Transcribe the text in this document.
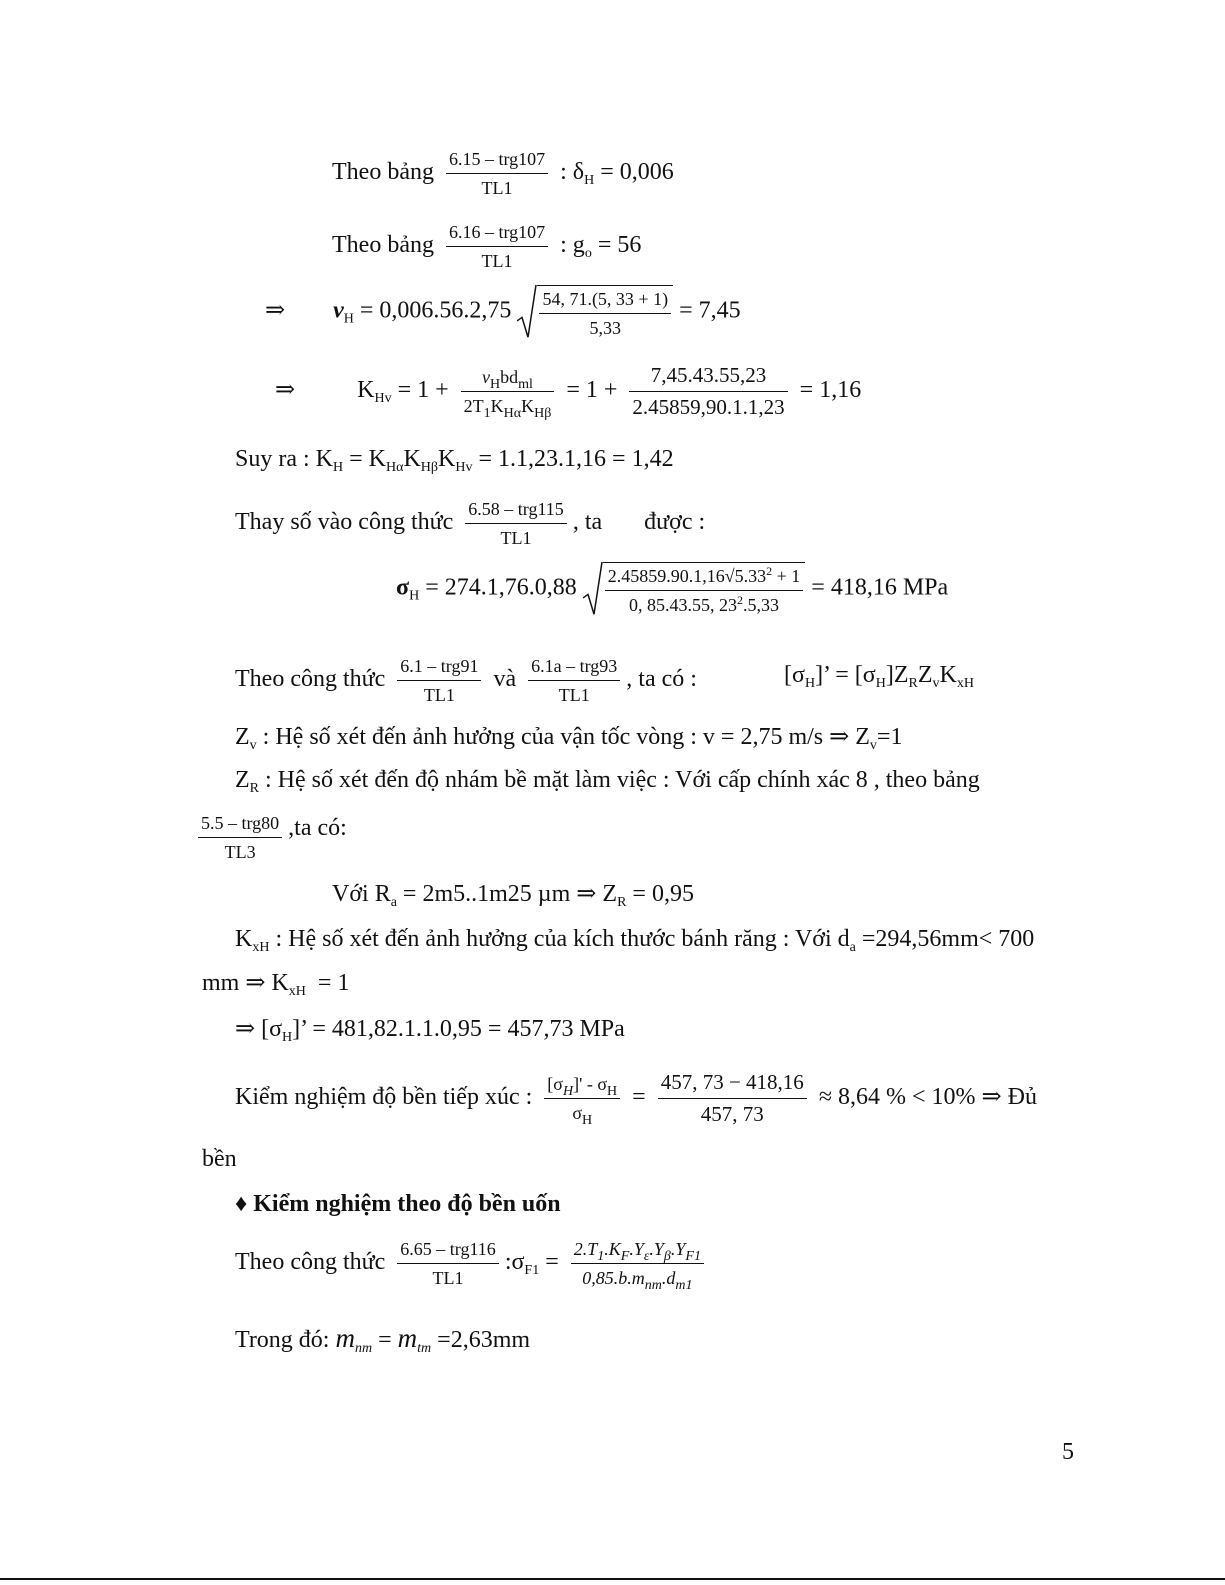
Theo bảng $\frac{\text{6.15 – trg107}}{TL1}$ : $\delta_H = 0,006$
Theo bảng $\frac{\text{6.16 – trg107}}{TL1}$ : $g_o = 56$
⇒ $v_H = 0,006.56.2,75 \frac{54, 71.(5, 33 + 1)}{5,33} = 7,45$
⇒	$K_{Hv} = 1 + \frac{v_Hbd_{ml}}{2T_1K_{H\alpha}K_{H\beta}} = 1 + \frac{7,45.43.55,23}{2.45859,90.1.1,23} = 1,16$
Suy ra : $K_H = K_{H\alpha}K_{H\beta}K_{Hv} = 1.1,23.1,16 = 1,42$
Thay số vào công thức $\frac{\text{6.58 – trg115}}{TL1}$ , ta       được :
$\sigma_H = 274.1,76.0,88 \frac{2.45859.90.1,16√5.33^2 + 1}{0, 85.43.55, 23^2.5,33} = 418,16$ MPa
Theo công thức $\frac{\text{6.1 – trg91}}{TL1}$ và $\frac{\text{6.1a – trg93}}{TL1}$ , ta có :	$[\sigma_H]$’ = $[\sigma_H]Z_RZ_vK_{xH}$
$Z_v$ : Hệ số xét đến ảnh hưởng của vận tốc vòng : v = 2,75 m/s ⇒ $Z_v=1$
$Z_R$ : Hệ số xét đến độ nhám bề mặt làm việc : Với cấp chính xác 8 , theo bảng
$\frac{\text{5.5 – trg80}}{TL3} ,ta$ có:
Với $R_a = 2m5..1m25$ µm ⇒ $Z_R = 0,95$
$K_{xH}$ : Hệ số xét đến ảnh hưởng của kích thước bánh răng : Với $d_a =294,56mm< 700$
mm ⇒ $K_{xH} = 1$
⇒ $[\sigma_H]$’ = 481,82.1.1.0,95 = 457,73 MPa
Kiểm nghiệm độ bền tiếp xúc : $\frac{[\sigma_H]' - \sigma_H}{\sigma_H} = \frac{457, 73 - 418,16}{457, 73} \approx 8,64$ % < 10% ⇒ Đủ
bền
♦ Kiểm nghiệm theo độ bền uốn
Theo công thức $\frac{\text{6.65 – trg116}}{TL1}$ $:\sigma_{F1} = \frac{2.T_1.K_F.Y_\varepsilon.Y_\beta.Y_{F1}}{0,85.b.m_{nm}.d_{m1}}$
Trong đó: $m_{nm} = m_{tm} =2,63mm$
5
